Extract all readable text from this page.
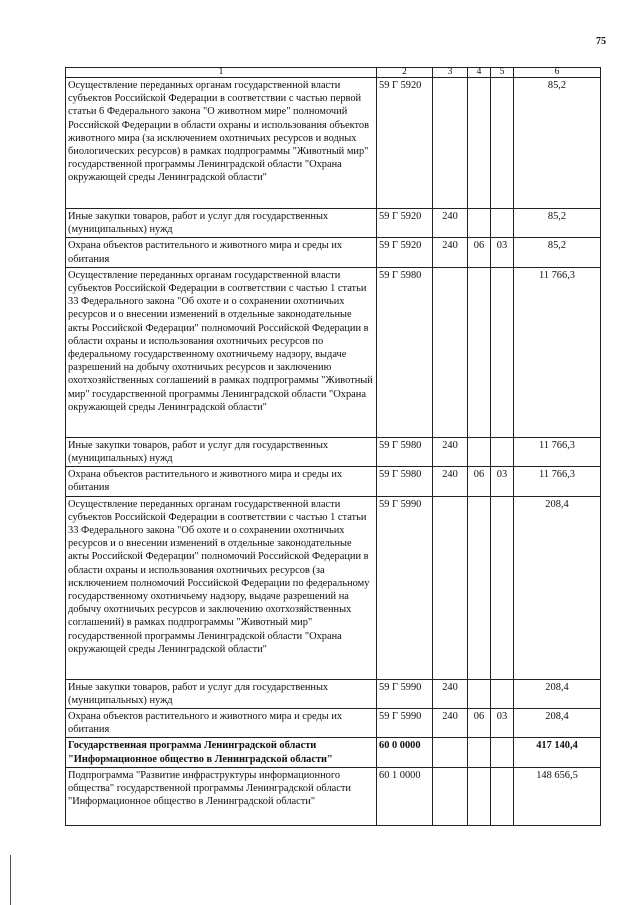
75
1	2	3	4	5	6
Осуществление переданных органам государственной власти субъектов Российской Федерации в соответствии с частью первой статьи 6 Федерального закона "О животном мире" полномочий Российской Федерации в области охраны и использования объектов животного мира (за исключением охотничьих ресурсов и водных биологических ресурсов) в рамках подпрограммы "Животный мир" государственной программы Ленинградской области "Охрана окружающей среды Ленинградской области"	59 Г 5920				85,2
Иные закупки товаров, работ и услуг для государственных (муниципальных) нужд	59 Г 5920	240			85,2
Охрана объектов растительного и животного мира и среды их обитания	59 Г 5920	240	06	03	85,2
Осуществление переданных органам государственной власти субъектов Российской Федерации в соответствии с частью 1 статьи 33 Федерального закона "Об охоте и о сохранении охотничьих ресурсов и о внесении изменений в отдельные законодательные акты Российской Федерации" полномочий Российской Федерации в области охраны и использования охотничьих ресурсов по федеральному государственному охотничьему надзору, выдаче разрешений на добычу охотничьих ресурсов и заключению охотхозяйственных соглашений в рамках подпрограммы "Животный мир" государственной программы Ленинградской области "Охрана окружающей среды Ленинградской области"	59 Г 5980				11 766,3
Иные закупки товаров, работ и услуг для государственных (муниципальных) нужд	59 Г 5980	240			11 766,3
Охрана объектов растительного и животного мира и среды их обитания	59 Г 5980	240	06	03	11 766,3
Осуществление переданных органам государственной власти субъектов Российской Федерации в соответствии с частью 1 статьи 33 Федерального закона "Об охоте и о сохранении охотничьих ресурсов и о внесении изменений в отдельные законодательные акты Российской Федерации" полномочий Российской Федерации в области охраны и использования охотничьих ресурсов (за исключением полномочий Российской Федерации по федеральному государственному охотничьему надзору, выдаче разрешений на добычу охотничьих ресурсов и заключению охотхозяйственных соглашений) в рамках подпрограммы "Животный мир" государственной программы Ленинградской области "Охрана окружающей среды Ленинградской области"	59 Г 5990				208,4
Иные закупки товаров, работ и услуг для государственных (муниципальных) нужд	59 Г 5990	240			208,4
Охрана объектов растительного и животного мира и среды их обитания	59 Г 5990	240	06	03	208,4
Государственная программа Ленинградской области "Информационное общество в Ленинградской области"	60 0 0000				417 140,4
Подпрограмма "Развитие инфраструктуры информационного общества" государственной программы Ленинградской области "Информационное общество в Ленинградской области"	60 1 0000				148 656,5
